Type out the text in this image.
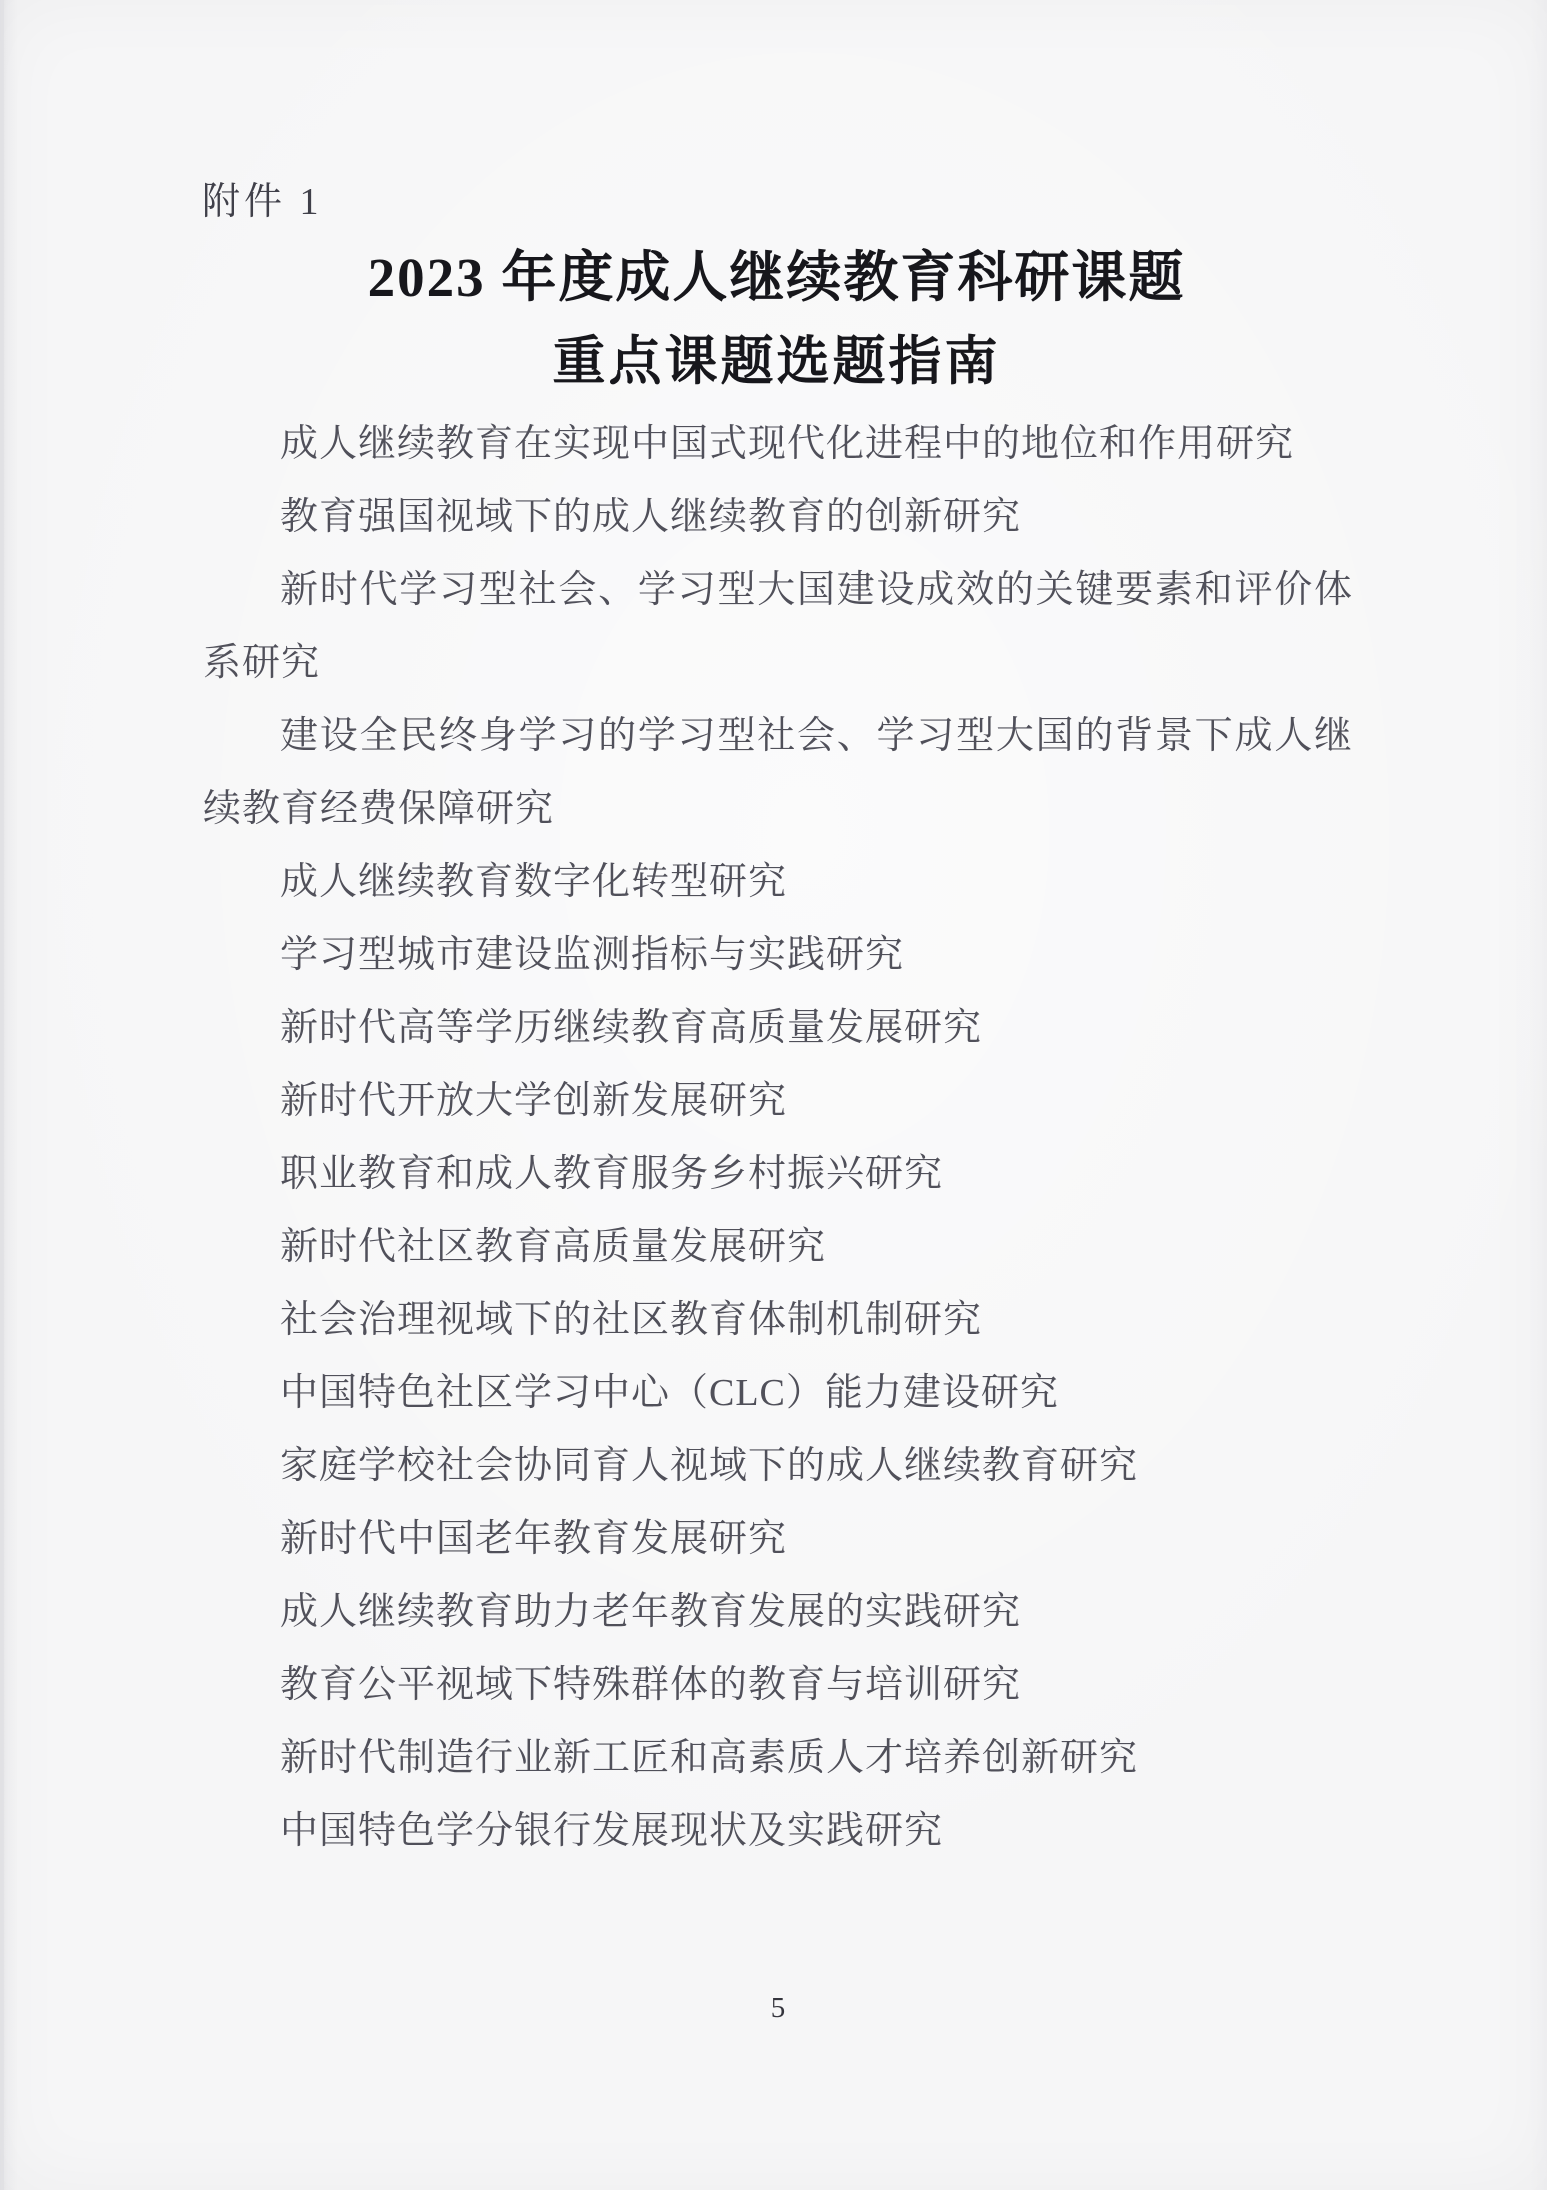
附件 1
2023 年度成人继续教育科研课题
重点课题选题指南
成人继续教育在实现中国式现代化进程中的地位和作用研究
教育强国视域下的成人继续教育的创新研究
新时代学习型社会、学习型大国建设成效的关键要素和评价体
系研究
建设全民终身学习的学习型社会、学习型大国的背景下成人继
续教育经费保障研究
成人继续教育数字化转型研究
学习型城市建设监测指标与实践研究
新时代高等学历继续教育高质量发展研究
新时代开放大学创新发展研究
职业教育和成人教育服务乡村振兴研究
新时代社区教育高质量发展研究
社会治理视域下的社区教育体制机制研究
中国特色社区学习中心（CLC）能力建设研究
家庭学校社会协同育人视域下的成人继续教育研究
新时代中国老年教育发展研究
成人继续教育助力老年教育发展的实践研究
教育公平视域下特殊群体的教育与培训研究
新时代制造行业新工匠和高素质人才培养创新研究
中国特色学分银行发展现状及实践研究
5
